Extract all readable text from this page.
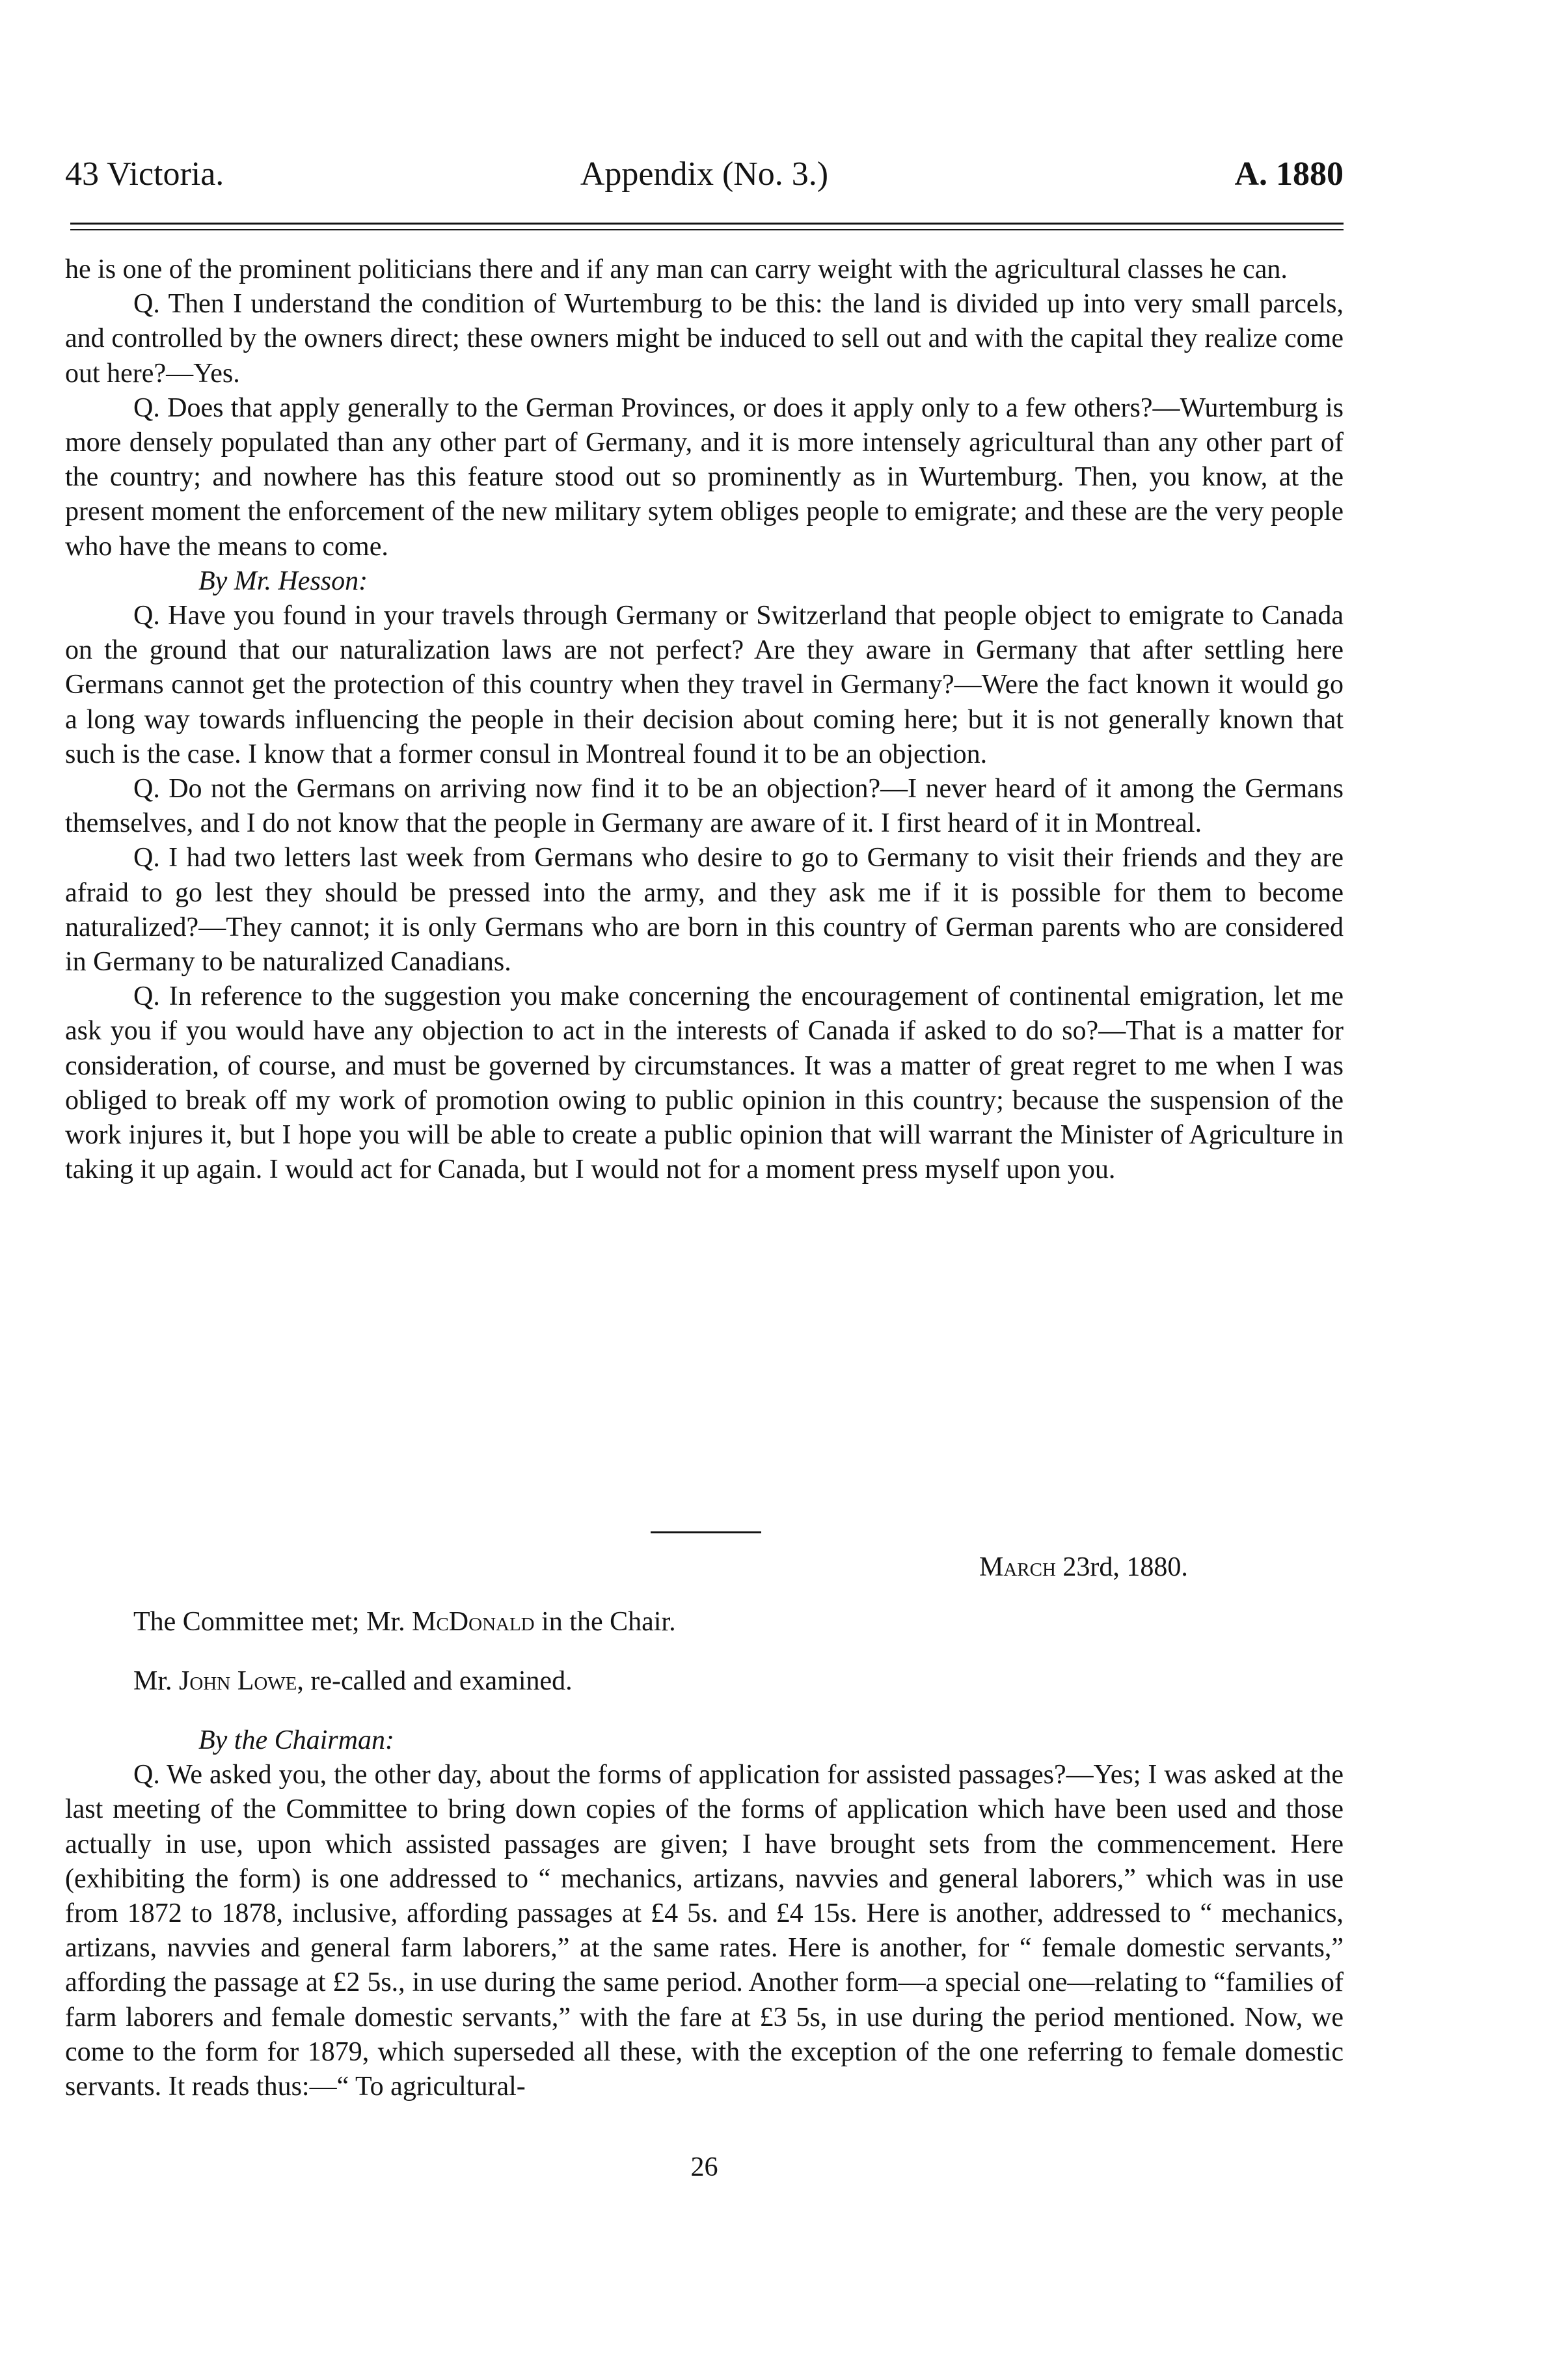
43 Victoria.	Appendix (No. 3.)	A. 1880

he is one of the prominent politicians there and if any man can carry weight with the agricultural classes he can.

Q. Then I understand the condition of Wurtemburg to be this: the land is divided up into very small parcels, and controlled by the owners direct; these owners might be induced to sell out and with the capital they realize come out here?—Yes.

Q. Does that apply generally to the German Provinces, or does it apply only to a few others?—Wurtemburg is more densely populated than any other part of Germany, and it is more intensely agricultural than any other part of the country; and nowhere has this feature stood out so prominently as in Wurtemburg. Then, you know, at the present moment the enforcement of the new military sytem obliges people to emigrate; and these are the very people who have the means to come.

By Mr. Hesson:

Q. Have you found in your travels through Germany or Switzerland that people object to emigrate to Canada on the ground that our naturalization laws are not perfect? Are they aware in Germany that after settling here Germans cannot get the protection of this country when they travel in Germany?—Were the fact known it would go a long way towards influencing the people in their decision about coming here; but it is not generally known that such is the case. I know that a former consul in Montreal found it to be an objection.

Q. Do not the Germans on arriving now find it to be an objection?—I never heard of it among the Germans themselves, and I do not know that the people in Germany are aware of it. I first heard of it in Montreal.

Q. I had two letters last week from Germans who desire to go to Germany to visit their friends and they are afraid to go lest they should be pressed into the army, and they ask me if it is possible for them to become naturalized?—They cannot; it is only Germans who are born in this country of German parents who are considered in Germany to be naturalized Canadians.

Q. In reference to the suggestion you make concerning the encouragement of continental emigration, let me ask you if you would have any objection to act in the interests of Canada if asked to do so?—That is a matter for consideration, of course, and must be governed by circumstances. It was a matter of great regret to me when I was obliged to break off my work of promotion owing to public opinion in this country; because the suspension of the work injures it, but I hope you will be able to create a public opinion that will warrant the Minister of Agriculture in taking it up again. I would act for Canada, but I would not for a moment press myself upon you.

March 23rd, 1880.
The Committee met; Mr. McDonald in the Chair.
Mr. John Lowe, re-called and examined.

By the Chairman:

Q. We asked you, the other day, about the forms of application for assisted passages?—Yes; I was asked at the last meeting of the Committee to bring down copies of the forms of application which have been used and those actually in use, upon which assisted passages are given; I have brought sets from the commencement. Here (exhibiting the form) is one addressed to “ mechanics, artizans, navvies and general laborers,” which was in use from 1872 to 1878, inclusive, affording passages at £4 5s. and £4 15s. Here is another, addressed to “ mechanics, artizans, navvies and general farm laborers,” at the same rates. Here is another, for “ female domestic servants,” affording the passage at £2 5s., in use during the same period. Another form—a special one—relating to “families of farm laborers and female domestic servants,” with the fare at £3 5s, in use during the period mentioned. Now, we come to the form for 1879, which superseded all these, with the exception of the one referring to female domestic servants. It reads thus:—“ To agricultural-

26
